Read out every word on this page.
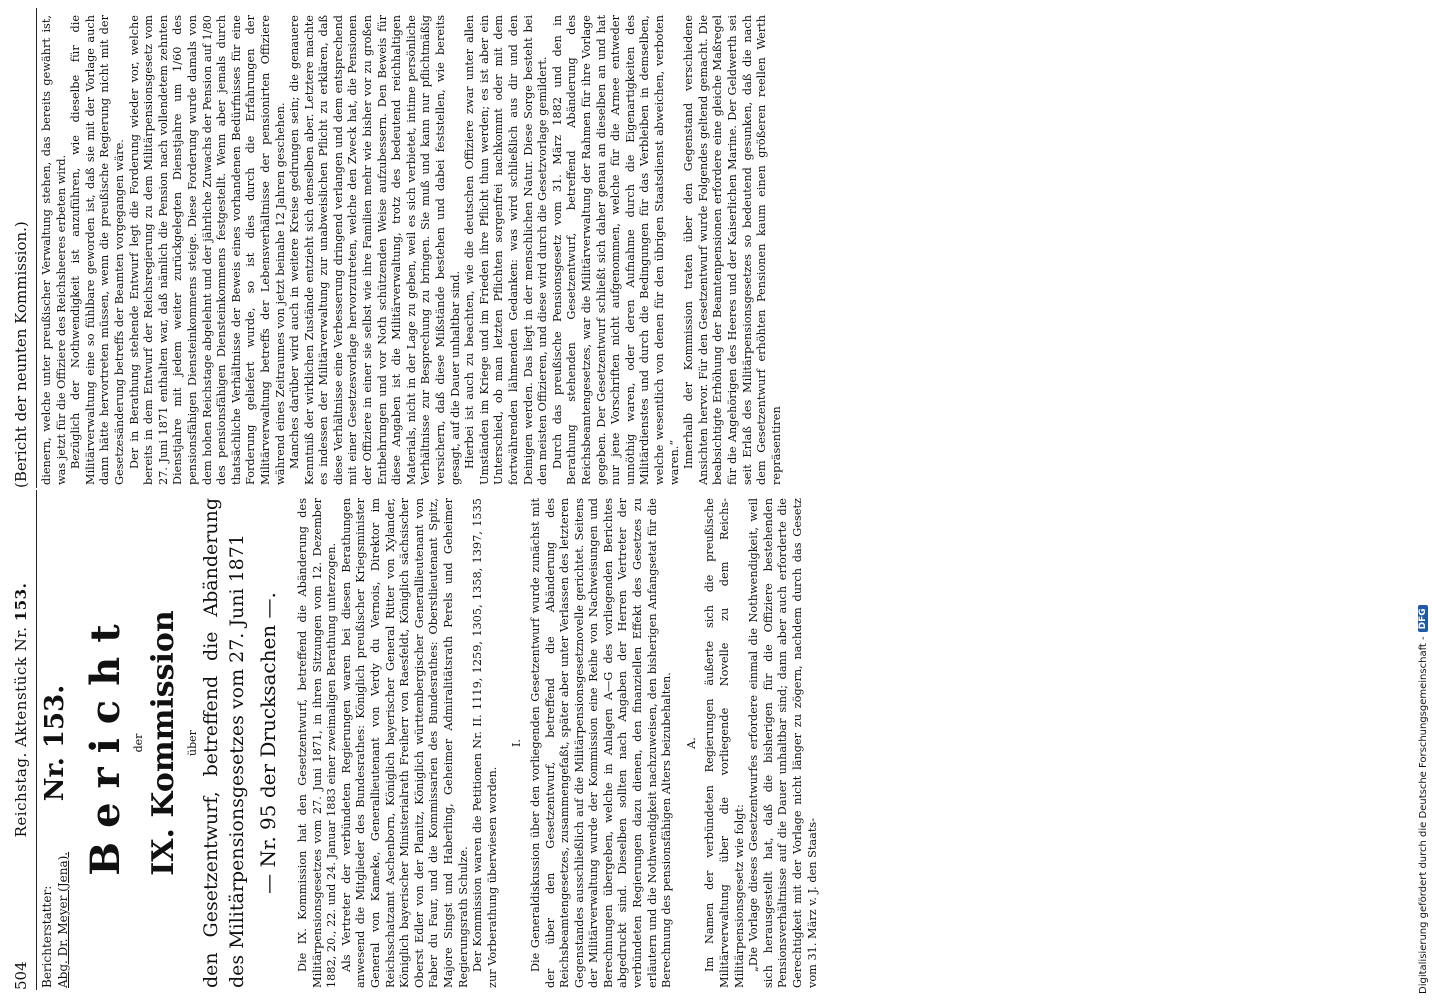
504
Reichstag. Aktenstück Nr. 153.
(Bericht der neunten Kommission.)
Berichterstatter: Abg. Dr. Meyer (Jena).
Nr. 153. Bericht der IX. Kommission über den Gesetzentwurf, betreffend die Abänderung des Militärpensionsgesetzes vom 27. Juni 1871 — Nr. 95 der Drucksachen —. Die IX. Kommission hat den Gesetzentwurf, betreffend die Abänderung des Militärpensionsgesetzes vom 27. Juni 1871, in ihren Sitzungen vom 12. Dezember 1882, 20., 22. und 24. Januar 1883 einer zweimaligen Berathung unterzogen. Als Vertreter der verbündeten Regierungen waren bei diesen Berathungen anwesend die Mitglieder des Bundesrathes: Königlich preußischer Kriegsminister General von Kameke, Generallieutenant von Verdy du Vernois, Direktor im Reichsschatzamt Aschenborn, Königlich bayerischer General Ritter von Xylander, Königlich bayerischer Ministerialrath Freiherr von Raesfeldt, Königlich sächsischer Oberst Edler von der Planitz, Königlich württembergischer Generallieutenant von Faber du Faur, und die Kommissarien des Bundesrathes: Oberstlieutenant Spitz, Majore Singst und Haberling, Geheimer Admiralitätsrath Perels und Geheimer Regierungsrath Schulze. Der Kommission waren die Petitionen Nr. II. 1119, 1259, 1305, 1358, 1397, 1535 zur Vorberathung überwiesen worden.

I. Die Generaldiskussion über den vorliegenden Gesetzentwurf wurde zunächst mit der über den Gesetzentwurf, betreffend die Abänderung des Reichsbeamtengesetzes, zusammengefaßt, später aber unter Verlassen des letzteren Gegenstandes ausschließlich auf die Militärpensionsgesetznovelle gerichtet. Seitens der Militärverwaltung wurde der Kommission eine Reihe von Nachweisungen und Berechnungen übergeben, welche in Anlagen A—G des vorliegenden Berichtes abgedruckt sind. Dieselben sollten nach Angaben der Herren Vertreter der verbündeten Regierungen dazu dienen, den finanziellen Effekt des Gesetzes zu erläutern und die Nothwendigkeit nachzuweisen, den bisherigen Anfangsetat für die Berechnung des pensionsfähigen Alters beizubehalten. A. Im Namen der verbündeten Regierungen äußerte sich die preußische Militärverwaltung über die vorliegende Novelle zu dem Reichs-Militärpensionsgesetz wie folgt: „Die Vorlage dieses Gesetzentwurfes erfordere einmal die Nothwendigkeit, weil sich herausgestellt hat, daß die bisherigen für die Offiziere bestehenden Pensionsverhältnisse auf die Dauer unhaltbar sind; dann aber auch erforderte die Gerechtigkeit mit der Vorlage nicht länger zu zögern, nachdem durch das Gesetz vom 31. März v. J. den Staats-

dienern, welche unter preußischer Verwaltung stehen, das bereits gewährt ist, was jetzt für die Offiziere des Reichsheeres erbeten wird. Bezüglich der Nothwendigkeit ist anzuführen, wie dieselbe für die Militärverwaltung eine so fühlbare geworden ist, daß sie mit der Vorlage auch dann hätte hervortreten müssen, wenn die preußische Regierung nicht mit der Gesetzesänderung betreffs der Beamten vorgegangen wäre. Der in Berathung stehende Entwurf legt die Forderung wieder vor, welche bereits in dem Entwurf der Reichsregierung zu dem Militärpensionsgesetz vom 27. Juni 1871 enthalten war, daß nämlich die Pension nach vollendetem zehnten Dienstjahre mit jedem weiter zurückgelegten Dienstjahre um 1/60 des pensionsfähigen Diensteinkommens steige. Diese Forderung wurde damals von dem hohen Reichstage abgelehnt und der jährliche Zuwachs der Pension auf 1/80 des pensionsfähigen Diensteinkommens festgestellt. Wenn aber jemals durch thatsächliche Verhältnisse der Beweis eines vorhandenen Bedürfnisses für eine Forderung geliefert wurde, so ist dies durch die Erfahrungen der Militärverwaltung betreffs der Lebensverhältnisse der pensionirten Offiziere während eines Zeitraumes von jetzt beinahe 12 Jahren geschehen. Manches darüber wird auch in weitere Kreise gedrungen sein; die genauere Kenntniß der wirklichen Zustände entzieht sich denselben aber. Letztere machte es indessen der Militärverwaltung zur unabweislichen Pflicht zu erklären, daß diese Verhältnisse eine Verbesserung dringend verlangen und dem entsprechend mit einer Gesetzesvorlage hervorzutreten, welche den Zweck hat, die Pensionen der Offiziere in einer sie selbst wie ihre Familien mehr wie bisher vor zu großen Entbehrungen und vor Noth schützenden Weise aufzubessern. Den Beweis für diese Angaben ist die Militärverwaltung, trotz des bedeutend reichhaltigen Materials, nicht in der Lage zu geben, weil es sich verbietet, intime persönliche Verhältnisse zur Besprechung zu bringen. Sie muß und kann nur pflichtmäßig versichern, daß diese Mißstände bestehen und dabei feststellen, wie bereits gesagt, auf die Dauer unhaltbar sind. Hierbei ist auch zu beachten, wie die deutschen Offiziere zwar unter allen Umständen im Kriege und im Frieden ihre Pflicht thun werden; es ist aber ein Unterschied, ob man letzten Pflichten sorgenfrei nachkommt oder mit dem fortwährenden lähmenden Gedanken: was wird schließlich aus dir und den Deinigen werden. Das liegt in der menschlichen Natur. Diese Sorge besteht bei den meisten Offizieren, und diese wird durch die Gesetzvorlage gemildert. Durch das preußische Pensionsgesetz vom 31. März 1882 und den in Berathung stehenden Gesetzentwurf, betreffend Abänderung des Reichsbeamtengesetzes, war die Militärverwaltung der Rahmen für ihre Vorlage gegeben. Der Gesetzentwurf schließt sich daher genau an dieselben an und hat nur jene Vorschriften nicht aufgenommen, welche für die Armee entweder unnöthig waren, oder deren Aufnahme durch die Eigenartigkeiten des Militärdienstes und durch die Bedingungen für das Verbleiben in demselben, welche wesentlich von denen für den übrigen Staatsdienst abweichen, verboten waren.“ Innerhalb der Kommission traten über den Gegenstand verschiedene Ansichten hervor. Für den Gesetzentwurf wurde Folgendes geltend gemacht. Die beabsichtigte Erhöhung der Beamtenpensionen erfordere eine gleiche Maßregel für die Angehörigen des Heeres und der Kaiserlichen Marine. Der Geldwerth sei seit Erlaß des Militärpensionsgesetzes so bedeutend gesunken, daß die nach dem Gesetzentwurf erhöhten Pensionen kaum einen größeren reellen Werth repräsentiren

Digitalisierung gefördert durch die Deutsche Forschungsgemeinschaft -
DFG
